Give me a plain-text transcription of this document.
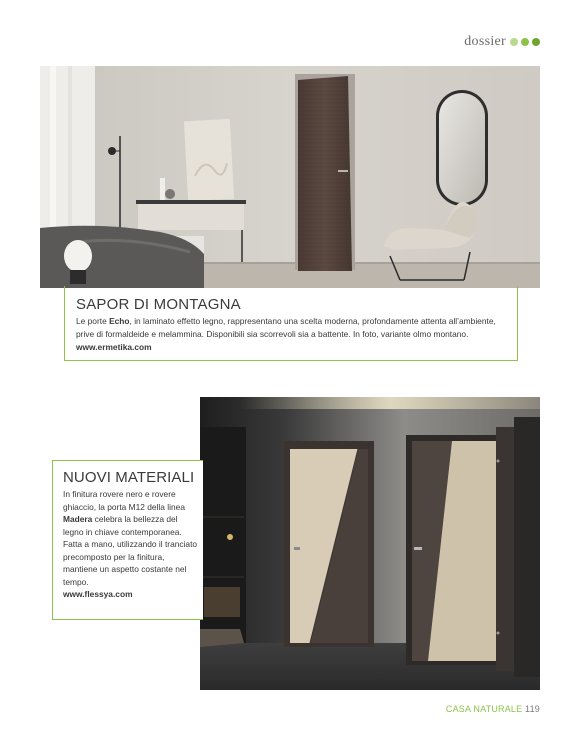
dossier
SAPOR DI MONTAGNA
Le porte Echo, in laminato effetto legno, rappresentano una scelta moderna, profondamente attenta all’ambiente, prive di formaldeide e melammina. Disponibili sia scorrevoli sia a battente. In foto, variante olmo montano. www.ermetika.com
NUOVI MATERIALI
In finitura rovere nero e rovere ghiaccio, la porta M12 della linea Madera celebra la bellezza del legno in chiave contemporanea. Fatta a mano, utilizzando il tranciato precomposto per la finitura, mantiene un aspetto costante nel tempo.
www.flessya.com
CASA NATURALE 119
